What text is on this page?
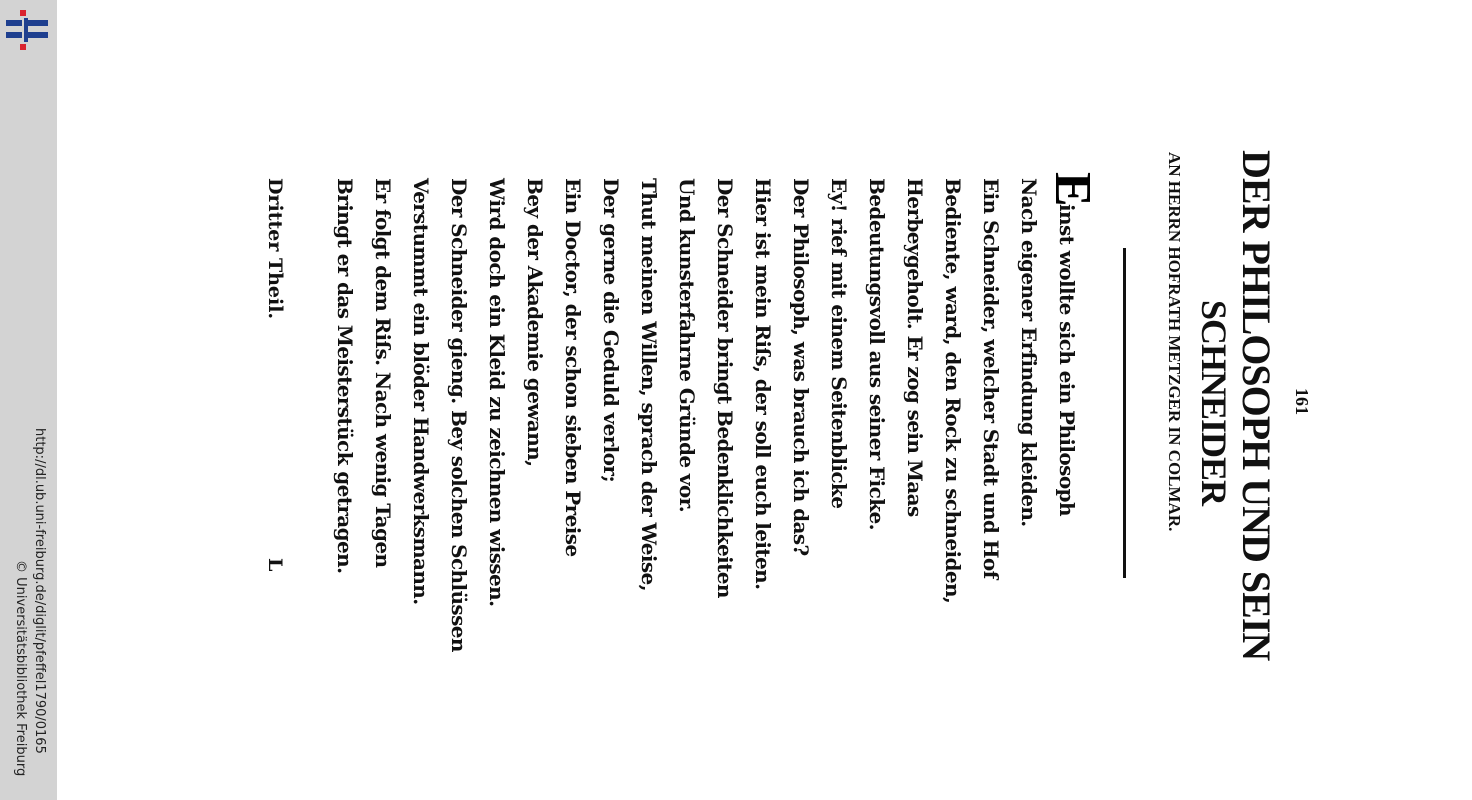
http://dl.ub.uni-freiburg.de/diglit/pfeffel1790/0165
© Universitätsbibliothek Freiburg
161
DER PHILOSOPH UND SEIN
SCHNEIDER
AN HERRN HOFRATH METZGER IN COLMAR.
E
inst wollte sich ein Philosoph
Nach eigener Erfindung kleiden.
Ein Schneider, welcher Stadt und Hof
Bediente, ward, den Rock zu schneiden,
Herbeygeholt. Er zog sein Maas
Bedeutungsvoll aus seiner Ficke.
Ey! rief mit einem Seitenblicke
Der Philosoph, was brauch ich das?
Hier ist mein Riſs, der soll euch leiten.
Der Schneider bringt Bedenklichkeiten
Und kunsterfahrne Gründe vor.
Thut meinen Willen, sprach der Weise,
Der gerne die Geduld verlor;
Ein Doctor, der schon sieben Preise
Bey der Akademie gewann,
Wird doch ein Kleid zu zeichnen wissen.
Der Schneider gieng. Bey solchen Schlüssen
Verstummt ein blöder Handwerksmann.
Er folgt dem Riſs. Nach wenig Tagen
Bringt er das Meisterstück getragen.
Dritter Theil.
L
